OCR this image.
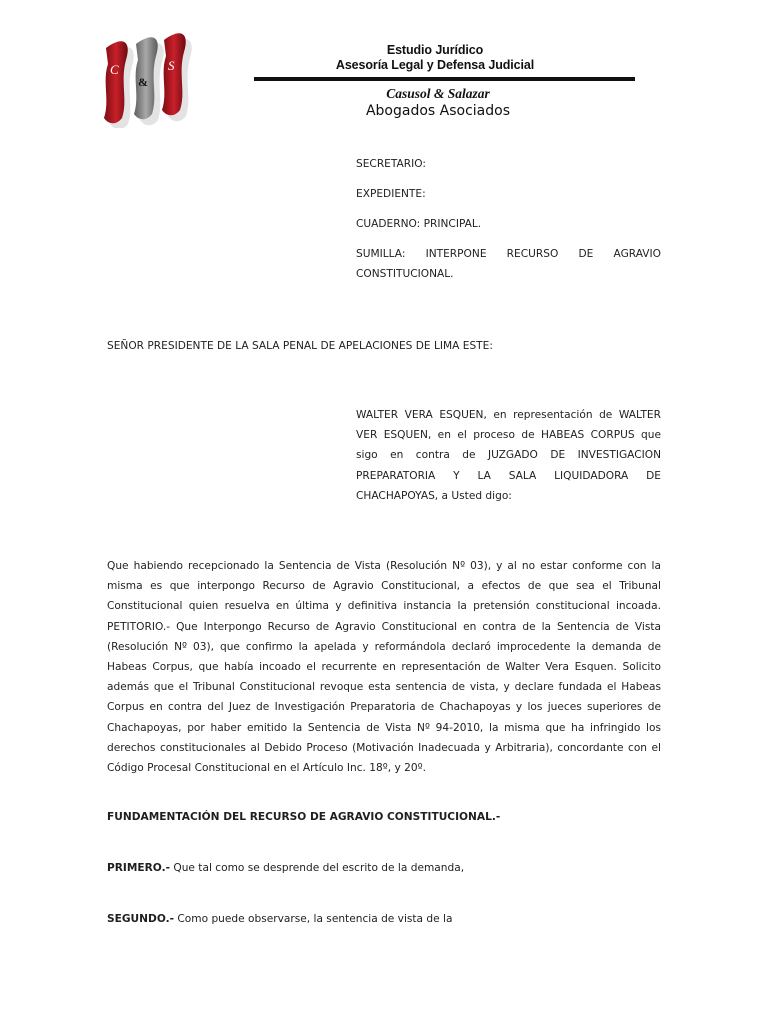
C
&
S
Estudio Jurídico
Asesoría Legal y Defensa Judicial
Casusol & Salazar
Abogados Asociados
SECRETARIO:
EXPEDIENTE:
CUADERNO: PRINCIPAL.
SUMILLA: INTERPONE RECURSO DE AGRAVIO CONSTITUCIONAL.
SEÑOR PRESIDENTE DE LA SALA PENAL DE APELACIONES DE LIMA ESTE:
WALTER VERA ESQUEN, en representación de WALTER VER ESQUEN, en el proceso de HABEAS CORPUS que sigo en contra de JUZGADO DE INVESTIGACION PREPARATORIA Y LA SALA LIQUIDADORA DE CHACHAPOYAS, a Usted digo:
Que habiendo recepcionado la Sentencia de Vista (Resolución Nº 03), y al no estar conforme con la misma es que interpongo Recurso de Agravio Constitucional, a efectos de que sea el Tribunal Constitucional quien resuelva en última y definitiva instancia la pretensión constitucional incoada. PETITORIO.- Que Interpongo Recurso de Agravio Constitucional en contra de la Sentencia de Vista (Resolución Nº 03), que confirmo la apelada y reformándola declaró improcedente la demanda de Habeas Corpus, que había incoado el recurrente en representación de Walter Vera Esquen. Solicito además que el Tribunal Constitucional revoque esta sentencia de vista, y declare fundada el Habeas Corpus en contra del Juez de Investigación Preparatoria de Chachapoyas y los jueces superiores de Chachapoyas, por haber emitido la Sentencia de Vista Nº 94-2010, la misma que ha infringido los derechos constitucionales al Debido Proceso (Motivación Inadecuada y Arbitraria), concordante con el Código Procesal Constitucional en el Artículo Inc. 18º, y 20º.
FUNDAMENTACIÓN DEL RECURSO DE AGRAVIO CONSTITUCIONAL.-
PRIMERO.- Que tal como se desprende del escrito de la demanda,
SEGUNDO.- Como puede observarse, la sentencia de vista de la
